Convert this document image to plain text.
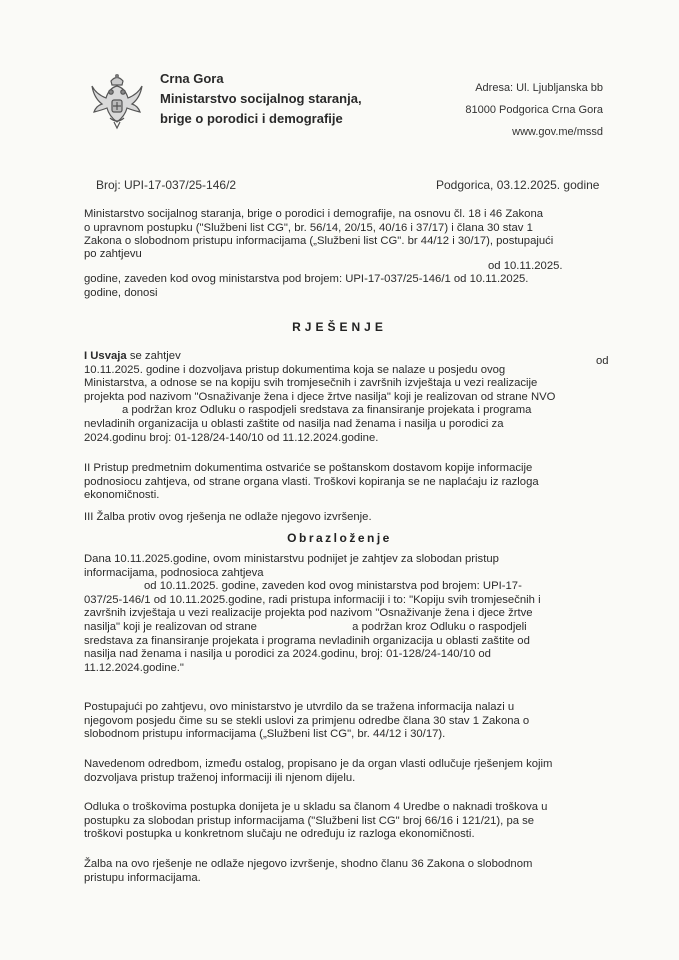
Crna Gora
Ministarstvo socijalnog staranja,
brige o porodici i demografije
Adresa: Ul. Ljubljanska bb
81000 Podgorica Crna Gora
www.gov.me/mssd
Broj: UPI-17-037/25-146/2	Podgorica, 03.12.2025. godine
Ministarstvo socijalnog staranja, brige o porodici i demografije, na osnovu čl. 18 i 46 Zakona
o upravnom postupku ("Službeni list CG", br. 56/14, 20/15, 40/16 i 37/17) i člana 30 stav 1
Zakona o slobodnom pristupu informacijama („Službeni list CG". br 44/12 i 30/17), postupajući
po zahtjevu
od 10.11.2025.
godine, zaveden kod ovog ministarstva pod brojem: UPI-17-037/25-146/1 od 10.11.2025.
godine, donosi
RJEŠENJE
I Usvaja se zahtjev	od
10.11.2025. godine i dozvoljava pristup dokumentima koja se nalaze u posjedu ovog
Ministarstva, a odnose se na kopiju svih tromjesečnih i završnih izvještaja u vezi realizacije
projekta pod nazivom "Osnaživanje žena i djece žrtve nasilja" koji je realizovan od strane NVO
a podržan kroz Odluku o raspodjeli sredstava za finansiranje projekata i programa
nevladinih organizacija u oblasti zaštite od nasilja nad ženama i nasilja u porodici za
2024.godinu broj: 01-128/24-140/10 od 11.12.2024.godine.
II Pristup predmetnim dokumentima ostvariće se poštanskom dostavom kopije informacije
podnosiocu zahtjeva, od strane organa vlasti. Troškovi kopiranja se ne naplaćaju iz razloga
ekonomičnosti.
III Žalba protiv ovog rješenja ne odlaže njegovo izvršenje.
Obrazloženje
Dana 10.11.2025.godine, ovom ministarstvu podnijet je zahtjev za slobodan pristup
informacijama, podnosioca zahtjeva
od 10.11.2025. godine, zaveden kod ovog ministarstva pod brojem: UPI-17-
037/25-146/1 od 10.11.2025.godine, radi pristupa informaciji i to: "Kopiju svih tromjesečnih i
završnih izvještaja u vezi realizacije projekta pod nazivom "Osnaživanje žena i djece žrtve
nasilja" koji je realizovan od strane	a podržan kroz Odluku o raspodjeli
sredstava za finansiranje projekata i programa nevladinih organizacija u oblasti zaštite od
nasilja nad ženama i nasilja u porodici za 2024.godinu, broj: 01-128/24-140/10 od
11.12.2024.godine."
Postupajući po zahtjevu, ovo ministarstvo je utvrdilo da se tražena informacija nalazi u
njegovom posjedu čime su se stekli uslovi za primjenu odredbe člana 30 stav 1 Zakona o
slobodnom pristupu informacijama („Službeni list CG", br. 44/12 i 30/17).
Navedenom odredbom, između ostalog, propisano je da organ vlasti odlučuje rješenjem kojim
dozvoljava pristup traženoj informaciji ili njenom dijelu.
Odluka o troškovima postupka donijeta je u skladu sa članom 4 Uredbe o naknadi troškova u
postupku za slobodan pristup informacijama ("Službeni list CG" broj 66/16 i 121/21), pa se
troškovi postupka u konkretnom slučaju ne određuju iz razloga ekonomičnosti.
Žalba na ovo rješenje ne odlaže njegovo izvršenje, shodno članu 36 Zakona o slobodnom
pristupu informacijama.
